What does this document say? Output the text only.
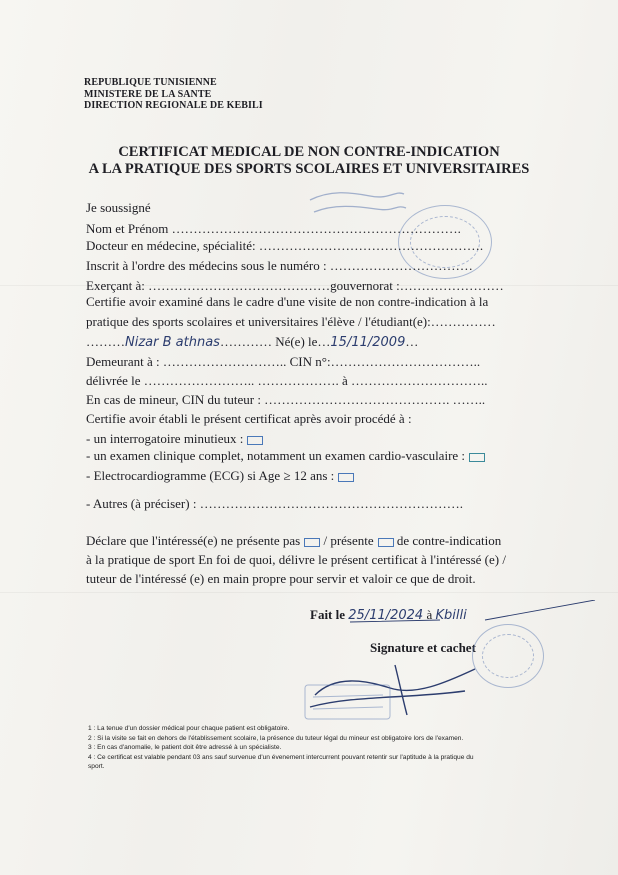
REPUBLIQUE TUNISIENNE
MINISTERE DE LA SANTE
DIRECTION REGIONALE DE KEBILI
CERTIFICAT MEDICAL DE NON CONTRE-INDICATION
A LA PRATIQUE DES SPORTS SCOLAIRES ET UNIVERSITAIRES
Je soussigné
Nom et Prénom ………………………………………………………….
Docteur en médecine, spécialité: …………………………………………….
Inscrit à l'ordre des médecins sous le numéro : ……………………………
Exerçant à: ……………………………………gouvernorat :……………………
Certifie avoir examiné dans le cadre d'une visite de non contre-indication à la
pratique des sports scolaires et universitaires l'élève / l'étudiant(e):……………
………Nizar B athnas………… Né(e) le…15/11/2009…
Demeurant à : ……………………….. CIN n°:……………………………..
délivrée le …………………….. ………………. à …………………………..
En cas de mineur, CIN du tuteur : ……………………………………. ……..
Certifie avoir établi le présent certificat après avoir procédé à :
- un interrogatoire minutieux :
- un examen clinique complet, notamment un examen cardio-vasculaire :
- Electrocardiogramme (ECG) si Age ≥ 12 ans :
- Autres (à préciser) : …………………………………………………….
Déclare que l'intéressé(e) ne présente pas / présente de contre-indication
à la pratique de sport En foi de quoi, délivre le présent certificat à l'intéressé (e) /
tuteur de l'intéressé (e) en main propre pour servir et valoir ce que de droit.
Fait le 25/11/2024 à Kbilli
Signature et cachet
1 : La tenue d'un dossier médical pour chaque patient est obligatoire.
2 : Si la visite se fait en dehors de l'établissement scolaire, la présence du tuteur légal du mineur est obligatoire lors de l'examen.
3 : En cas d'anomalie, le patient doit être adressé à un spécialiste.
4 : Ce certificat est valable pendant 03 ans sauf survenue d'un évenement intercurrent pouvant retentir sur l'aptitude à la pratique du
sport.
